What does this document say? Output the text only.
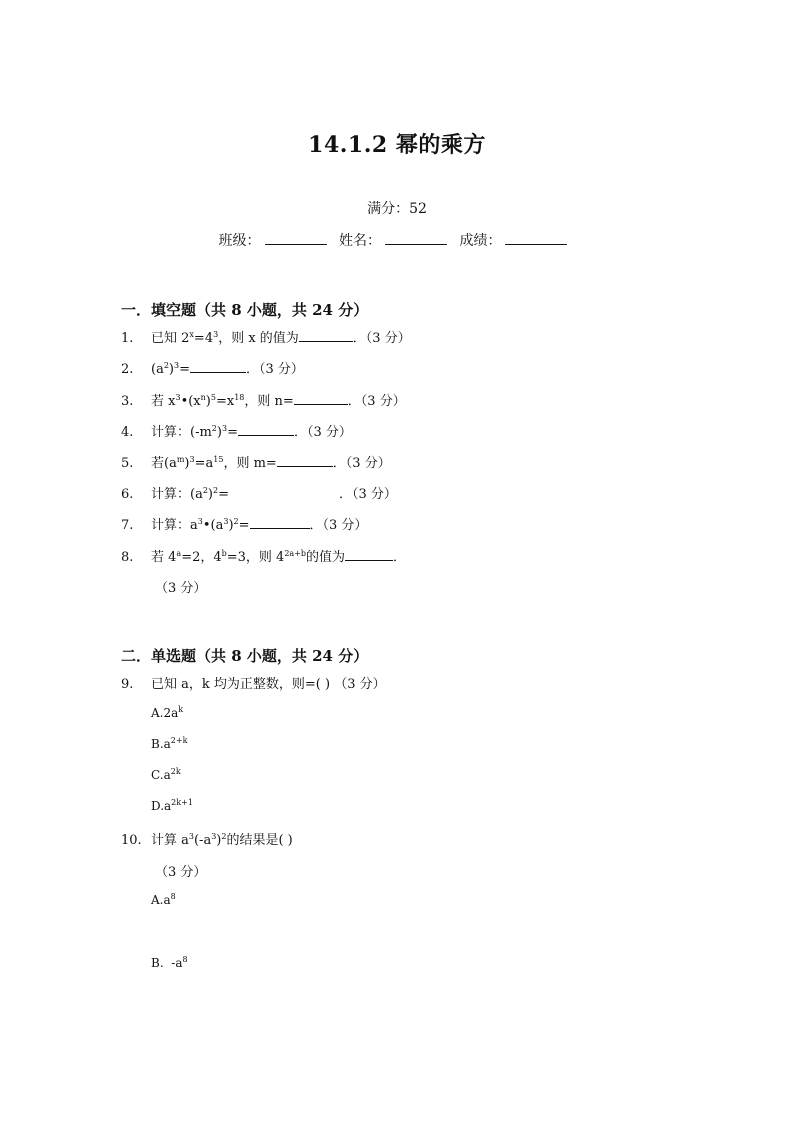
14.1.2 幂的乘方
满分：52
班级：	姓名：	成绩：
一．填空题（共 8 小题，共 24 分）
1. 已知 $2^x=4^3$，则 x 的值为	．（3 分）
2. $(a^2)^3=$	．（3 分）
3. 若 $x^3•(x^n)^5=x^{18}$，则 n=	．（3 分）
4. 计算：$(-m^2)^3=$	．（3 分）
5. 若$(a^m)^3=a^{15}$，则 m=	．（3 分）
6. 计算：$(a^2)^2=$	．（3 分）
7. 计算：$a^3•(a^3)^2=$	．（3 分）
8. 若 $4^a=2$，$4^b=3$，则 $4^{2a+b}$的值为	．
（3 分）
二．单选题（共 8 小题，共 24 分）
9. 已知 a，k 均为正整数，则=( ) （3 分）
$A.2a^k$
$B.a^{2+k}$
$C.a^{2k}$
$D.a^{2k+1}$
10. 计算 $a^3(-a^3)^2$的结果是( )
（3 分）
$A.a^8$
B.  $-a^8$
